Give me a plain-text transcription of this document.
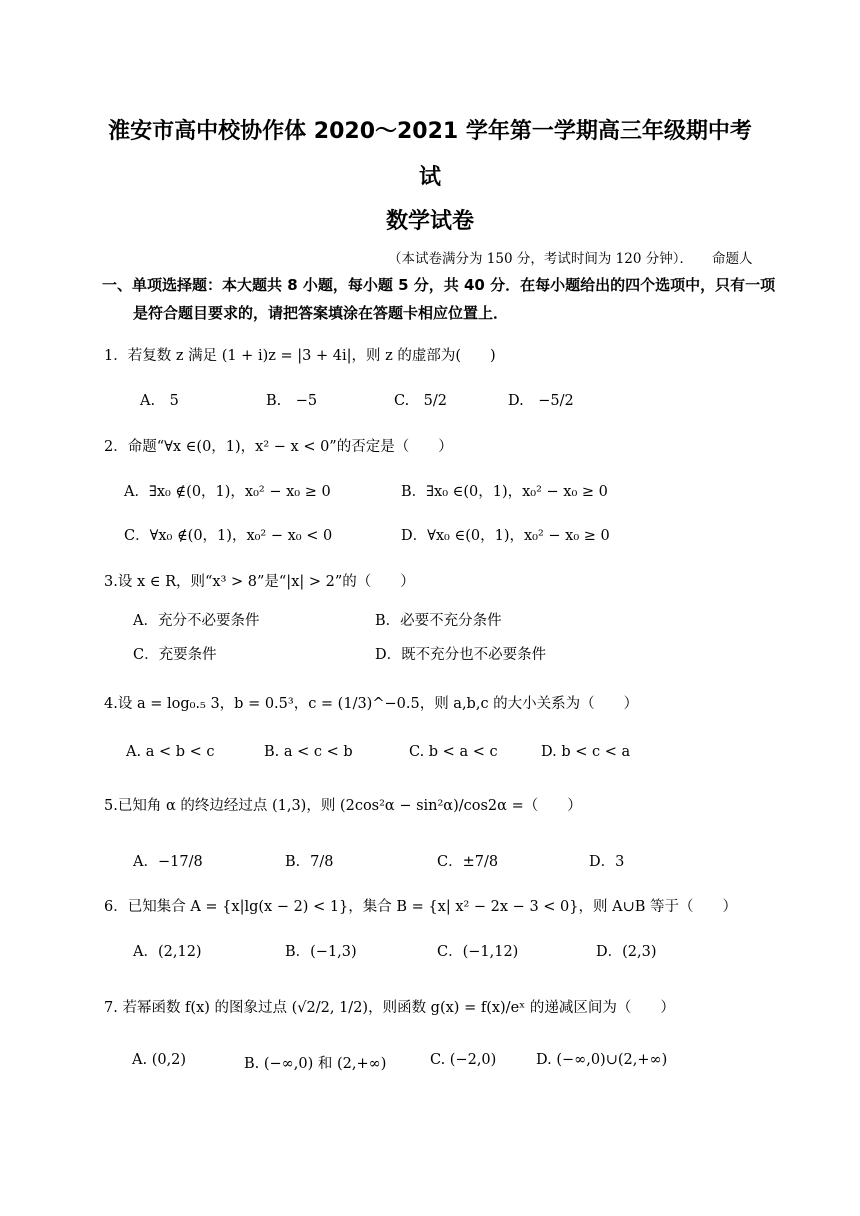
淮安市高中校协作体 2020～2021 学年第一学期高三年级期中考
试
数学试卷
（本试卷满分为 150 分，考试时间为 120 分钟）． 命题人
一、单项选择题：本大题共 8 小题，每小题 5 分，共 40 分．在每小题给出的四个选项中，只有一项
是符合题目要求的，请把答案填涂在答题卡相应位置上．
1．若复数 z 满足 (1 + i)z = |3 + 4i|，则 z 的虚部为(　　)
A.　5	B.　−5	C.　5/2	D.　−5/2
2．命题“∀x ∈(0，1)，x² − x < 0”的否定是（　　）
A．∃x₀ ∉(0，1)，x₀² − x₀ ≥ 0	B．∃x₀ ∈(0，1)，x₀² − x₀ ≥ 0
C．∀x₀ ∉(0，1)，x₀² − x₀ < 0	D．∀x₀ ∈(0，1)，x₀² − x₀ ≥ 0
3.设 x ∈ R，则“x³ > 8”是“|x| > 2”的（　　）
A．充分不必要条件	B．必要不充分条件
C．充要条件	D．既不充分也不必要条件
4.设 a = log₀.₅ 3，b = 0.5³，c = (1/3)^−0.5，则 a,b,c 的大小关系为（　　）
A. a < b < c	B. a < c < b	C. b < a < c	D. b < c < a
5.已知角 α 的终边经过点 (1,3)，则 (2cos²α − sin²α)/cos2α =（　　）
A．−17/8	B．7/8	C．±7/8	D．3
6．已知集合 A = {x|lg(x − 2) < 1}，集合 B = {x| x² − 2x − 3 < 0}，则 A∪B 等于（　　）
A．(2,12)	B．(−1,3)	C．(−1,12)	D．(2,3)
7. 若幂函数 f(x) 的图象过点 (√2/2, 1/2)，则函数 g(x) = f(x)/eˣ 的递减区间为（　　）
A. (0,2)	B. (−∞,0) 和 (2,+∞)	C. (−2,0)	D. (−∞,0)∪(2,+∞)
